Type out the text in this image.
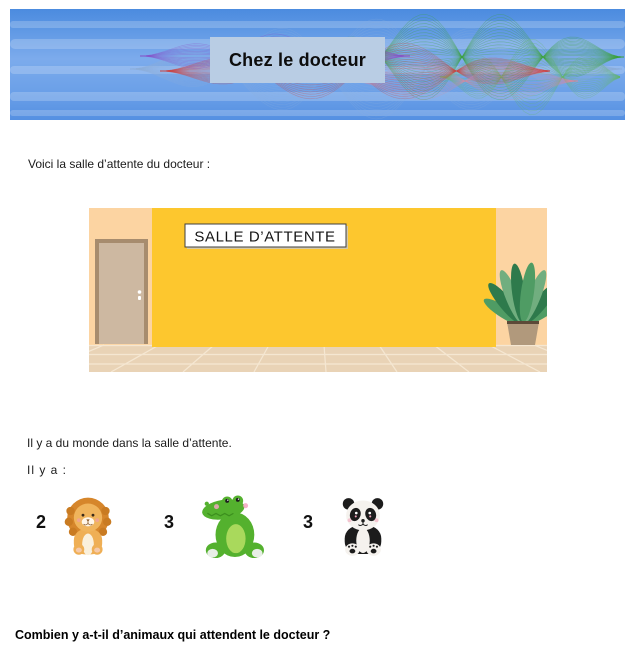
Chez le docteur
Voici la salle d’attente du docteur :
SALLE D’ATTENTE
Il y a du monde dans la salle d’attente.
Il y a :
2	3	3
Combien y a-t-il d’animaux qui attendent le docteur ?
